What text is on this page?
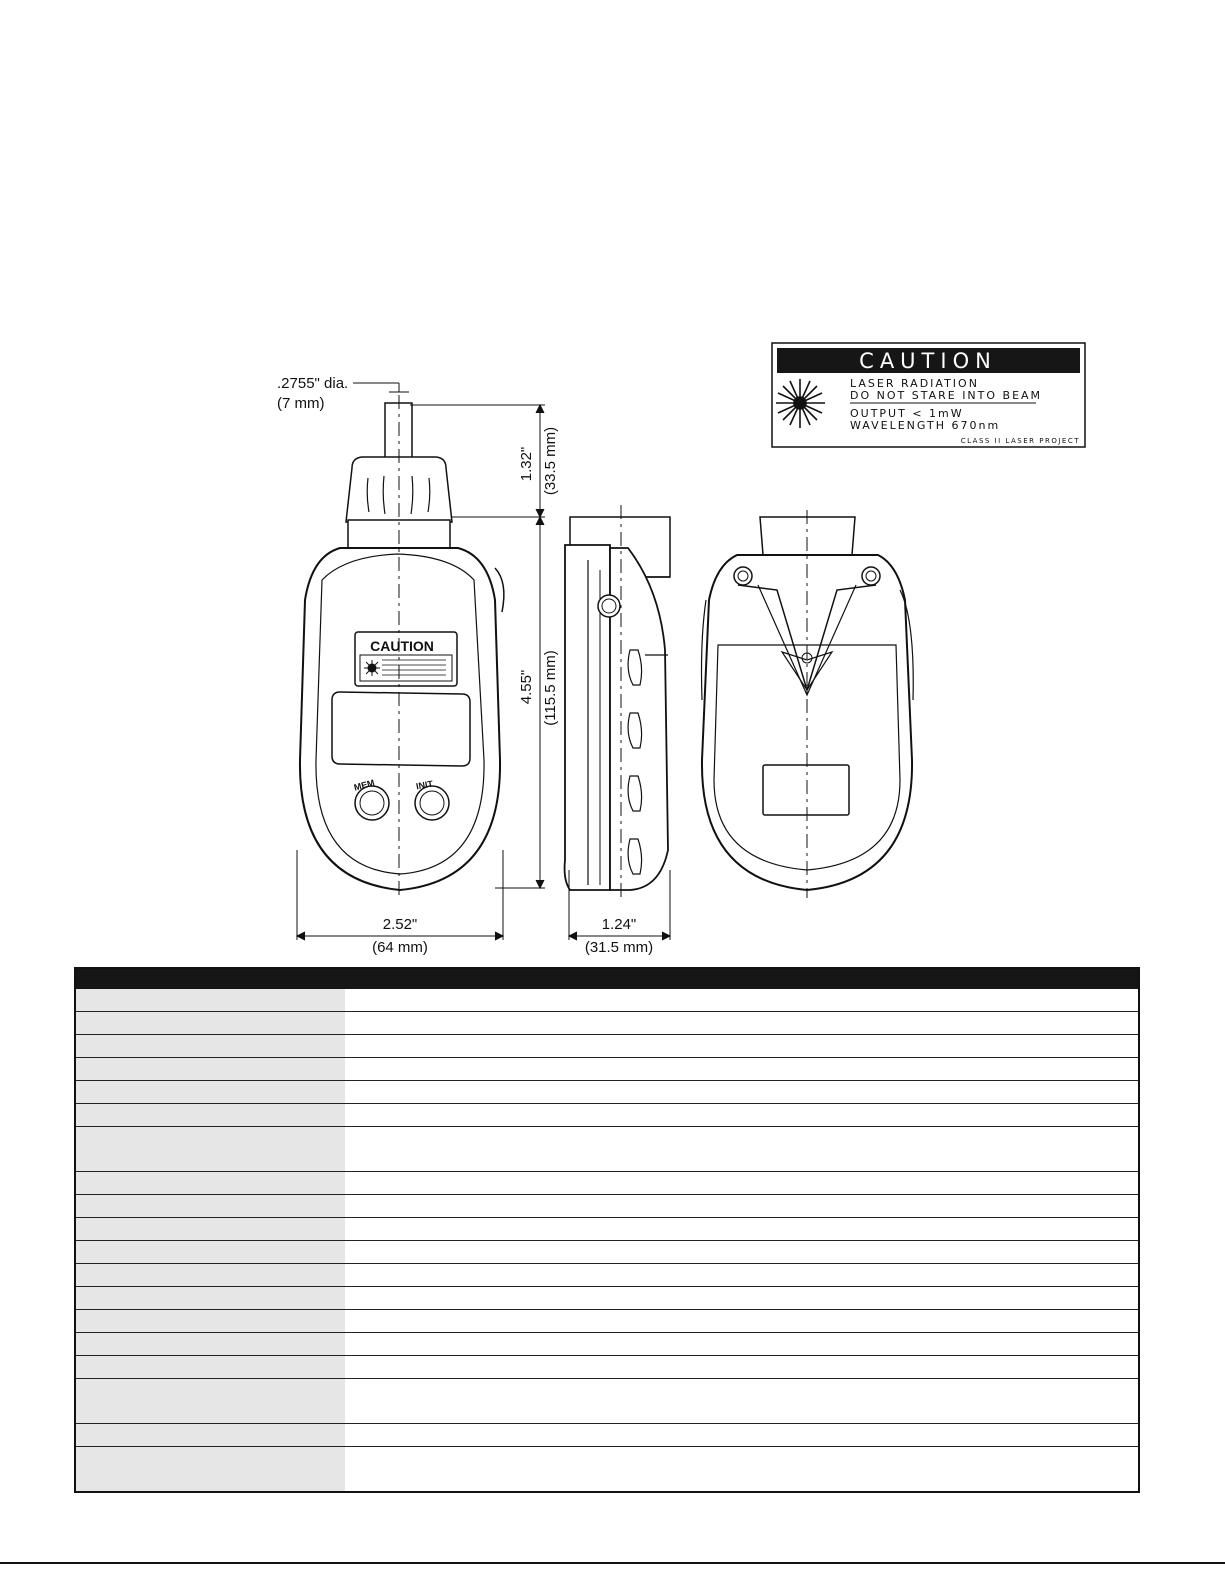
CAUTION
LASER RADIATION
DO NOT STARE INTO BEAM
OUTPUT < 1mW
WAVELENGTH 670nm
CLASS II LASER PROJECT
CAUTION
MEM	INIT
.2755" dia.
(7 mm)
1.32" (33.5 mm)
4.55" (115.5 mm)
2.52"
(64 mm)
1.24"
(31.5 mm)
